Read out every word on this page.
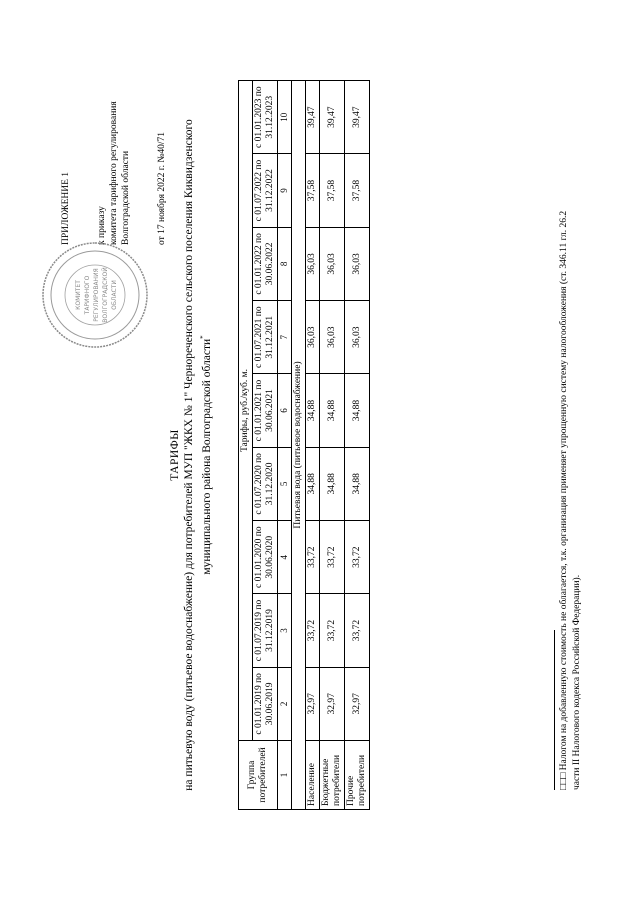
ПРИЛОЖЕНИЕ 1	к приказу комитета тарифного регулирования Волгоградской области	от 17 ноября 2022 г. №40/71
КОМИТЕТ ТАРИФНОГО РЕГУЛИРОВАНИЯ ВОЛГОГРАДСКОЙ ОБЛАСТИ
ТАРИФЫ на питьевую воду (питьевое водоснабжение) для потребителей МУП "ЖКХ № 1" Чернореченского сельского поселения Киквидзенского муниципального района Волгоградской области*
Группа потребителей	Тарифы, руб./куб. м.								
	с 01.01.2019 по 30.06.2019	с 01.07.2019 по 31.12.2019	с 01.01.2020 по 30.06.2020	с 01.07.2020 по 31.12.2020	с 01.01.2021 по 30.06.2021	с 01.07.2021 по 31.12.2021	с 01.01.2022 по 30.06.2022	с 01.07.2022 по 31.12.2022	с 01.01.2023 по 31.12.2023
1	2	3	4	5	6	7	8	9	10
Питьевая вода (питьевое водоснабжение)									
Население	32,97	33,72	33,72	34,88	34,88	36,03	36,03	37,58	39,47
Бюджетные потребители	32,97	33,72	33,72	34,88	34,88	36,03	36,03	37,58	39,47
Прочие потребители	32,97	33,72	33,72	34,88	34,88	36,03	36,03	37,58	39,47
□□□ Налогом на добавленную стоимость не облагается, т.к. организация применяет упрощенную систему налогообложения (ст. 346.11 гл. 26.2 части II Налогового кодекса Российской Федерации).
